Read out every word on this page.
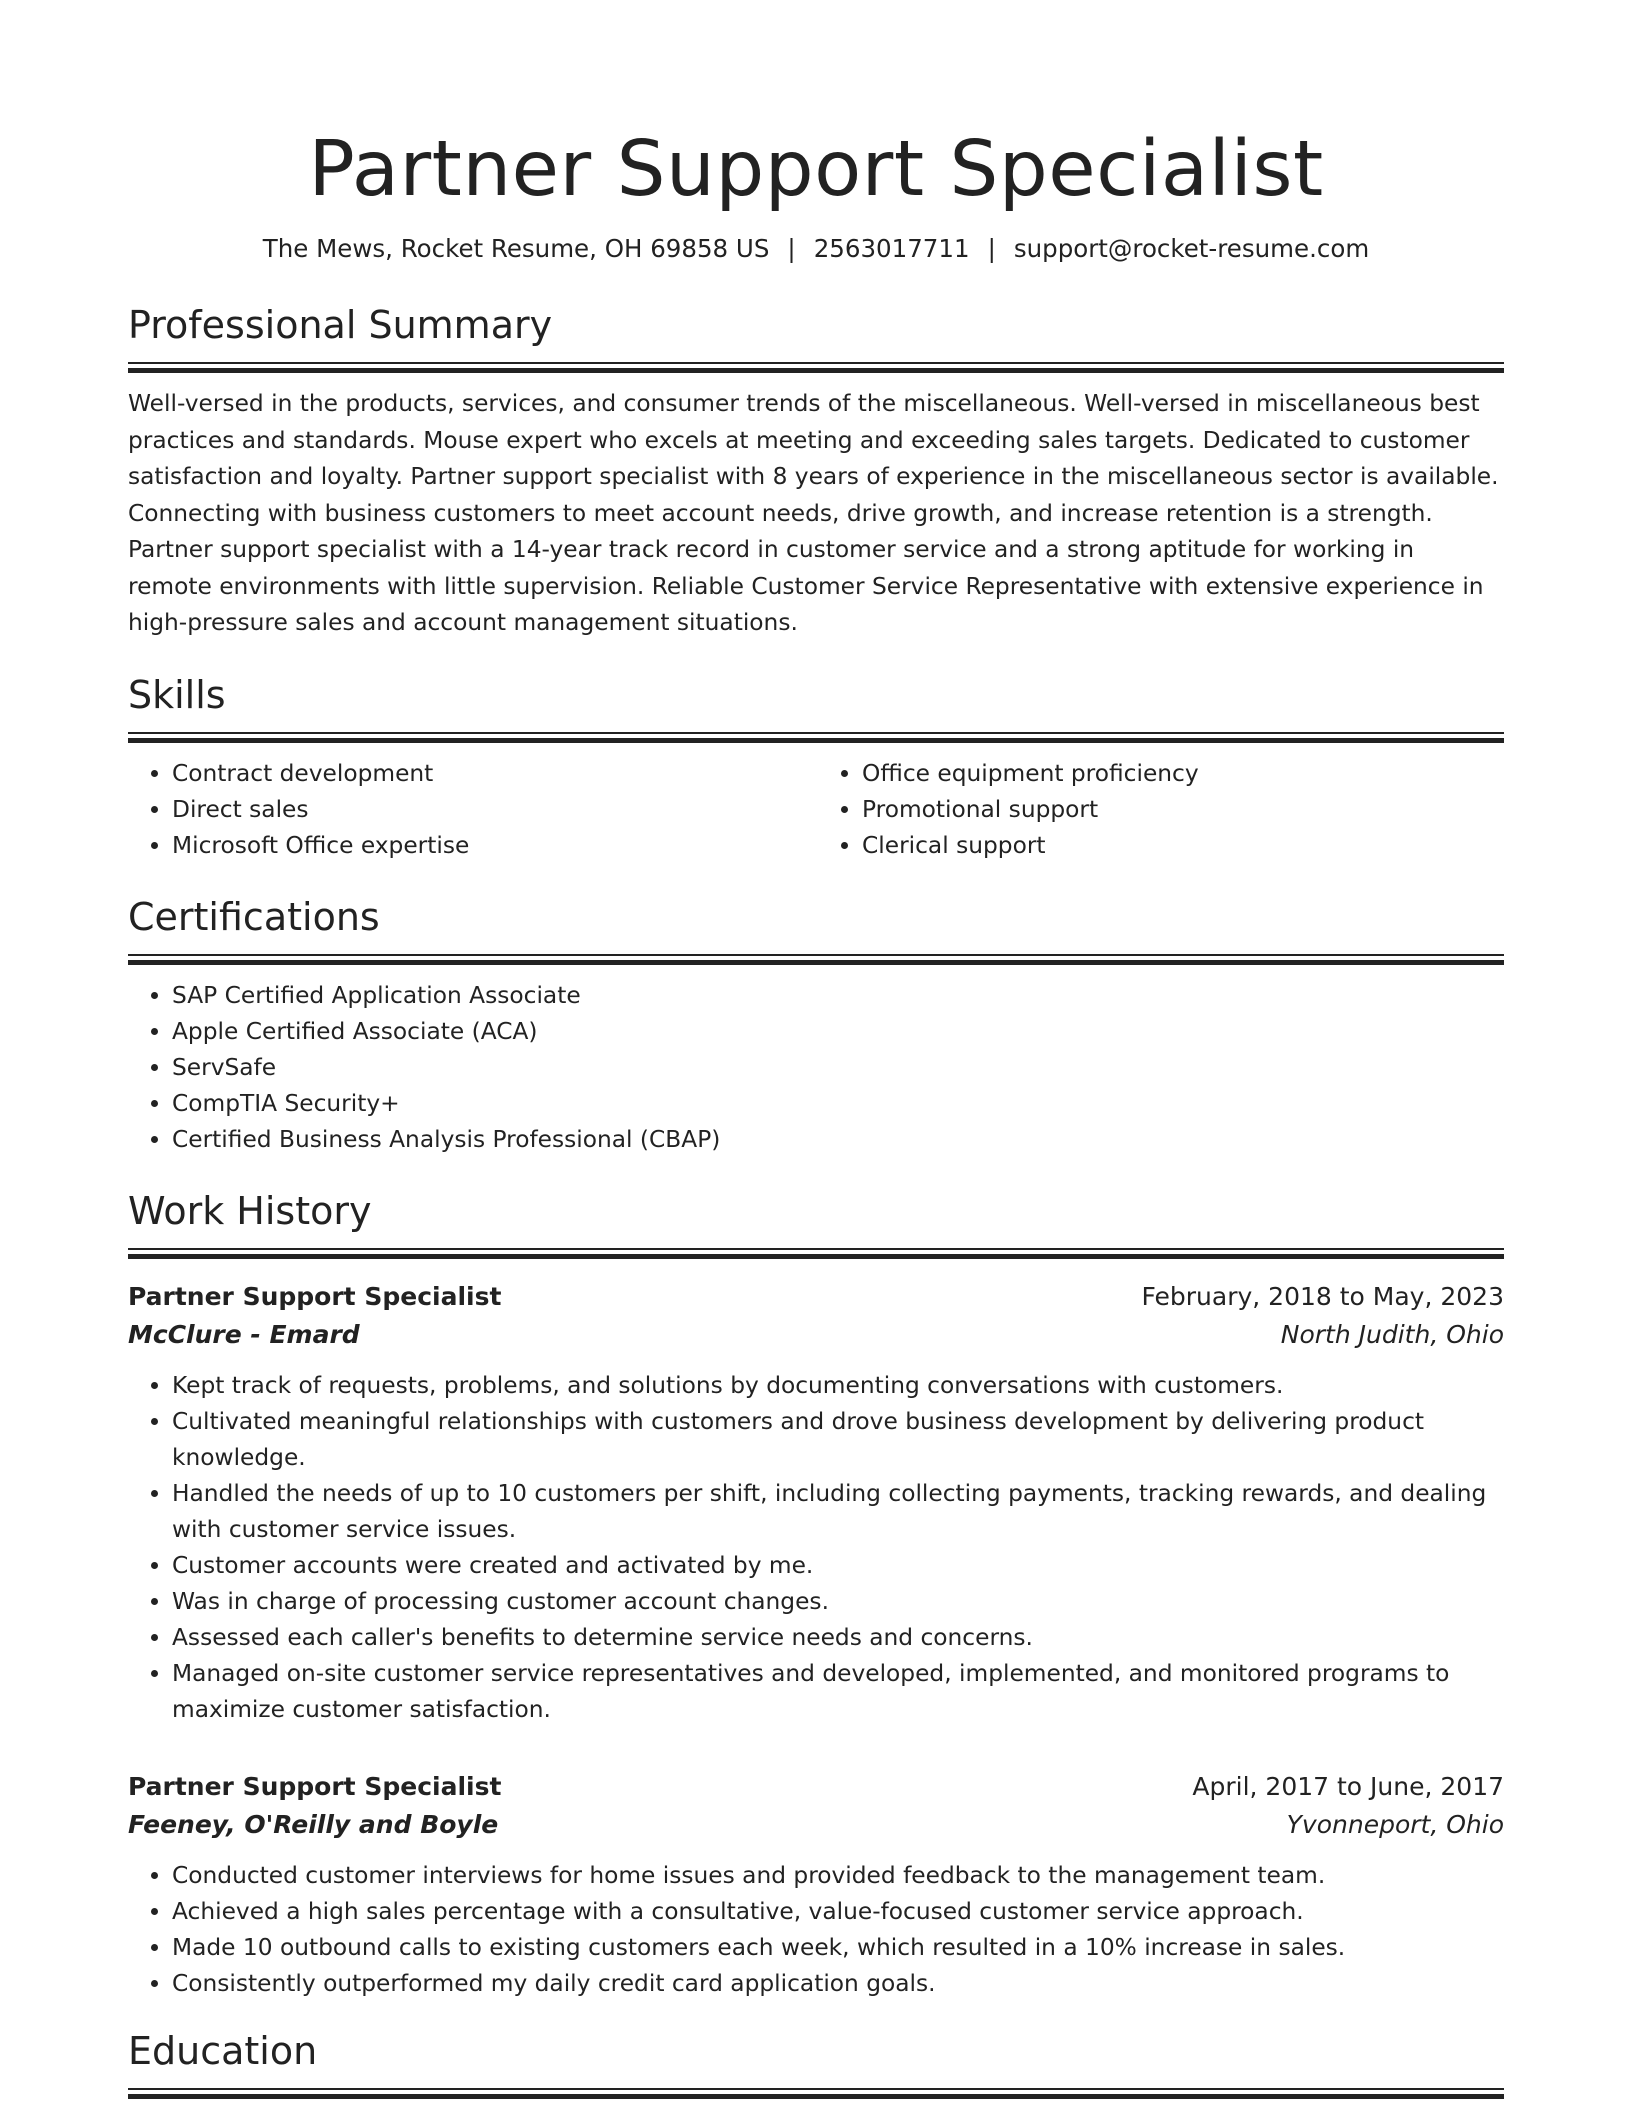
Partner Support Specialist
The Mews, Rocket Resume, OH 69858 US | 2563017711 | support@rocket-resume.com
Professional Summary
Well-versed in the products, services, and consumer trends of the miscellaneous. Well-versed in miscellaneous best practices and standards. Mouse expert who excels at meeting and exceeding sales targets. Dedicated to customer satisfaction and loyalty. Partner support specialist with 8 years of experience in the miscellaneous sector is available. Connecting with business customers to meet account needs, drive growth, and increase retention is a strength. Partner support specialist with a 14-year track record in customer service and a strong aptitude for working in remote environments with little supervision. Reliable Customer Service Representative with extensive experience in high-pressure sales and account management situations.
Skills
• Contract development
• Direct sales
• Microsoft Office expertise
• Office equipment proficiency
• Promotional support
• Clerical support
Certifications
• SAP Certified Application Associate
• Apple Certified Associate (ACA)
• ServSafe
• CompTIA Security+
• Certified Business Analysis Professional (CBAP)
Work History
Partner Support Specialist	February, 2018 to May, 2023
McClure - Emard	North Judith, Ohio
• Kept track of requests, problems, and solutions by documenting conversations with customers.
• Cultivated meaningful relationships with customers and drove business development by delivering product knowledge.
• Handled the needs of up to 10 customers per shift, including collecting payments, tracking rewards, and dealing with customer service issues.
• Customer accounts were created and activated by me.
• Was in charge of processing customer account changes.
• Assessed each caller's benefits to determine service needs and concerns.
• Managed on-site customer service representatives and developed, implemented, and monitored programs to maximize customer satisfaction.
Partner Support Specialist	April, 2017 to June, 2017
Feeney, O'Reilly and Boyle	Yvonneport, Ohio
• Conducted customer interviews for home issues and provided feedback to the management team.
• Achieved a high sales percentage with a consultative, value-focused customer service approach.
• Made 10 outbound calls to existing customers each week, which resulted in a 10% increase in sales.
• Consistently outperformed my daily credit card application goals.
Education
